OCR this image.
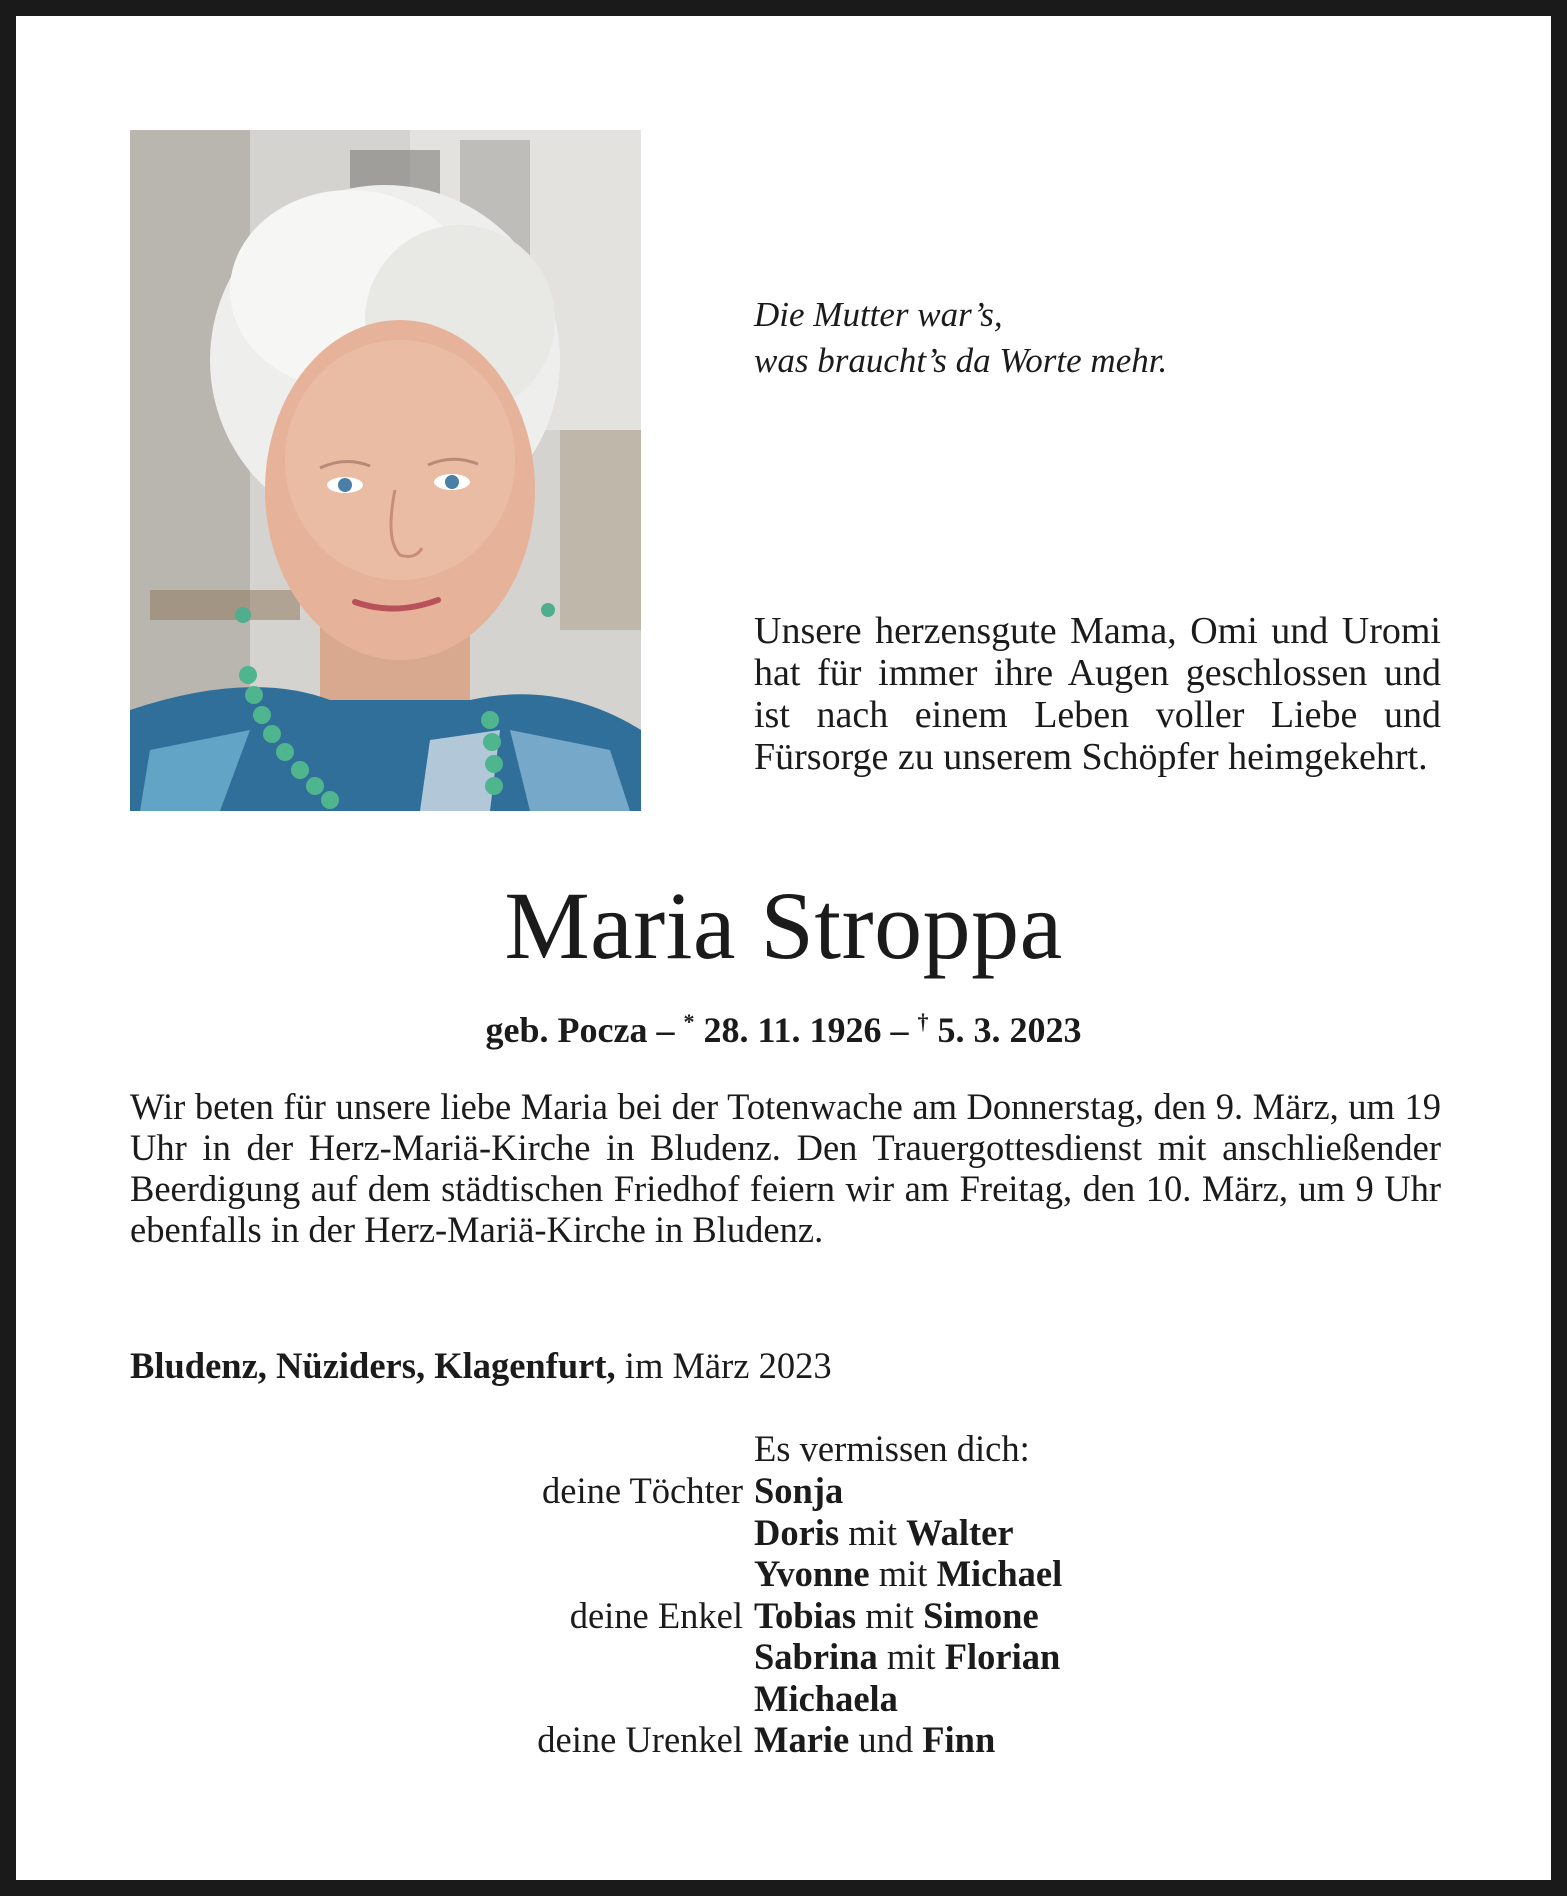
Die Mutter war’s,
was braucht’s da Worte mehr.
Unsere herzensgute Mama, Omi und Uromi hat für immer ihre Augen geschlossen und ist nach einem Leben voller Liebe und Fürsorge zu unserem Schöpfer heimgekehrt.
Maria Stroppa
geb. Pocza – * 28. 11. 1926 – † 5. 3. 2023
Wir beten für unsere liebe Maria bei der Totenwache am Donnerstag, den 9. März, um 19 Uhr in der Herz-Mariä-Kirche in Bludenz. Den Trauergottesdienst mit anschließender Beerdigung auf dem städtischen Friedhof feiern wir am Freitag, den 10. März, um 9 Uhr ebenfalls in der Herz-Mariä-Kirche in Bludenz.
Bludenz, Nüziders, Klagenfurt, im März 2023
Es vermissen dich:
deine Töchter Sonja
Doris mit Walter
Yvonne mit Michael
deine Enkel Tobias mit Simone
Sabrina mit Florian
Michaela
deine Urenkel Marie und Finn
